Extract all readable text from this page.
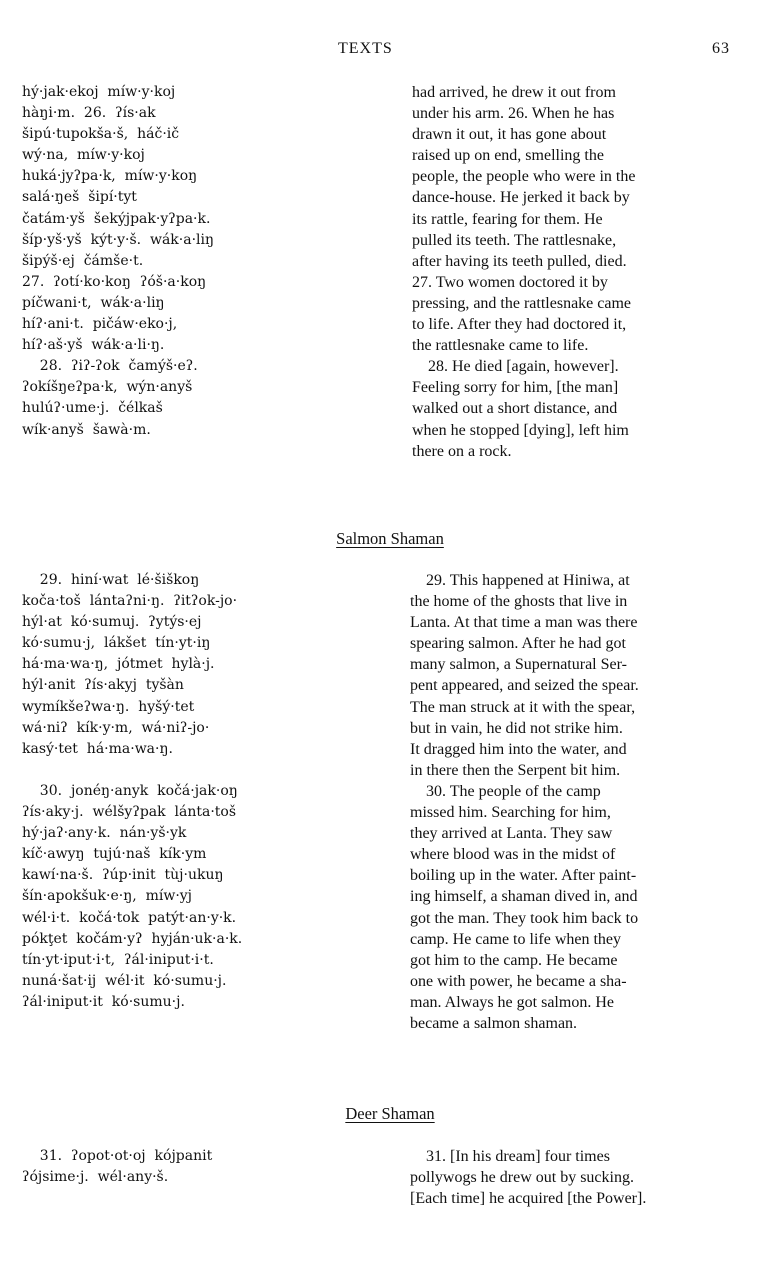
TEXTS	63
hý·jak·ekoj  míw·y·koj
hàŋi·m.  26.  ʔís·ak
šipú·tupokša·š,  háč·ič
wý·na,  míw·y·koj
huká·jyʔpa·k,  míw·y·koŋ
salá·ŋeš  šipí·tyt
čatám·yš  šekýjpak·yʔpa·k.
šíp·yš·yš  kýt·y·š.  wák·a·liŋ
šipýš·ej  čámše·t.
27.  ʔotí·ko·koŋ  ʔóš·a·koŋ
píčwani·t,  wák·a·liŋ
híʔ·ani·t.  pičáw·eko·j,
híʔ·aš·yš  wák·a·li·ŋ.
28.  ʔiʔ-ʔok  čamýš·eʔ.
ʔokíšŋeʔpa·k,  wýn·anyš
hulúʔ·ume·j.  čélkaš
wík·anyš  šawà·m.
had arrived, he drew it out from
under his arm. 26. When he has
drawn it out, it has gone about
raised up on end, smelling the
people, the people who were in the
dance-house. He jerked it back by
its rattle, fearing for them. He
pulled its teeth. The rattlesnake,
after having its teeth pulled, died.
27. Two women doctored it by
pressing, and the rattlesnake came
to life. After they had doctored it,
the rattlesnake came to life.
28. He died [again, however].
Feeling sorry for him, [the man]
walked out a short distance, and
when he stopped [dying], left him
there on a rock.
Salmon Shaman
29.  hiní·wat  lé·šiškoŋ
koča·toš  lántaʔni·ŋ.  ʔitʔok-jo·
hýl·at  kó·sumuj.  ʔytýs·ej
kó·sumu·j,  lákšet  tín·yt·iŋ
há·ma·wa·ŋ,  jótmet  hylà·j.
hýl·anit  ʔís·akyj  tyšàn
wymíkšeʔwa·ŋ.  hyšý·tet
wá·niʔ  kík·y·m,  wá·niʔ-jo·
kasý·tet  há·ma·wa·ŋ.

30.  jonéŋ·anyk  kočá·jak·oŋ
ʔís·aky·j.  wélšyʔpak  lánta·toš
hý·jaʔ·any·k.  nán·yš·yk
kíč·awyŋ  tujú·naš  kík·ym
kawí·na·š.  ʔúp·init  tùj·ukuŋ
šín·apokšuk·e·ŋ,  míw·yj
wél·i·t.  kočá·tok  patýt·an·y·k.
pókţet  kočám·yʔ  hyján·uk·a·k.
tín·yt·iput·i·t,  ʔál·iniput·i·t.
nuná·šat·ij  wél·it  kó·sumu·j.
ʔál·iniput·it  kó·sumu·j.
29. This happened at Hiniwa, at
the home of the ghosts that live in
Lanta. At that time a man was there
spearing salmon. After he had got
many salmon, a Supernatural Ser-
pent appeared, and seized the spear.
The man struck at it with the spear,
but in vain, he did not strike him.
It dragged him into the water, and
in there then the Serpent bit him.
30. The people of the camp
missed him. Searching for him,
they arrived at Lanta. They saw
where blood was in the midst of
boiling up in the water. After paint-
ing himself, a shaman dived in, and
got the man. They took him back to
camp. He came to life when they
got him to the camp. He became
one with power, he became a sha-
man. Always he got salmon. He
became a salmon shaman.
Deer Shaman
31.  ʔopot·ot·oj  kójpanit
ʔójsime·j.  wél·any·š.
31. [In his dream] four times
pollywogs he drew out by sucking.
[Each time] he acquired [the Power].
